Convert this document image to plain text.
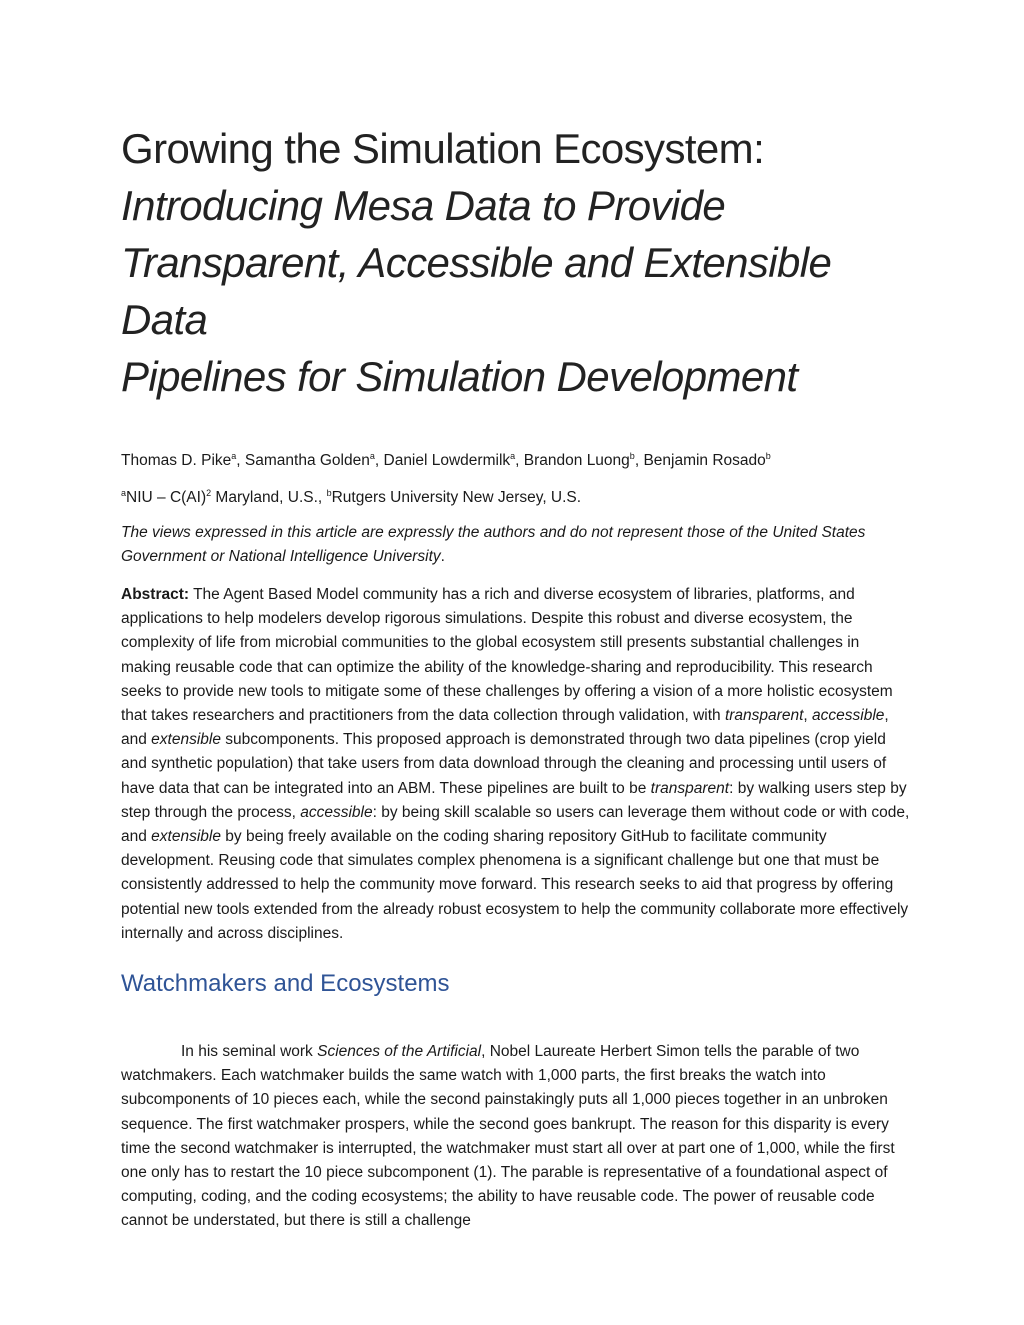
Growing the Simulation Ecosystem:
Introducing Mesa Data to Provide
Transparent, Accessible and Extensible Data
Pipelines for Simulation Development
Thomas D. Pike$^a$, Samantha Golden$^a$, Daniel Lowdermilk$^a$, Brandon Luong$^b$, Benjamin Rosado$^b$
$^a$NIU – C(AI)$^2$ Maryland, U.S., $^b$Rutgers University New Jersey, U.S.
The views expressed in this article are expressly the authors and do not represent those of the United States Government or National Intelligence University.
Abstract: The Agent Based Model community has a rich and diverse ecosystem of libraries, platforms, and applications to help modelers develop rigorous simulations. Despite this robust and diverse ecosystem, the complexity of life from microbial communities to the global ecosystem still presents substantial challenges in making reusable code that can optimize the ability of the knowledge-sharing and reproducibility. This research seeks to provide new tools to mitigate some of these challenges by offering a vision of a more holistic ecosystem that takes researchers and practitioners from the data collection through validation, with transparent, accessible, and extensible subcomponents. This proposed approach is demonstrated through two data pipelines (crop yield and synthetic population) that take users from data download through the cleaning and processing until users of have data that can be integrated into an ABM. These pipelines are built to be transparent: by walking users step by step through the process, accessible: by being skill scalable so users can leverage them without code or with code, and extensible by being freely available on the coding sharing repository GitHub to facilitate community development. Reusing code that simulates complex phenomena is a significant challenge but one that must be consistently addressed to help the community move forward. This research seeks to aid that progress by offering potential new tools extended from the already robust ecosystem to help the community collaborate more effectively internally and across disciplines.
Watchmakers and Ecosystems

In his seminal work Sciences of the Artificial, Nobel Laureate Herbert Simon tells the parable of two watchmakers. Each watchmaker builds the same watch with 1,000 parts, the first breaks the watch into subcomponents of 10 pieces each, while the second painstakingly puts all 1,000 pieces together in an unbroken sequence. The first watchmaker prospers, while the second goes bankrupt. The reason for this disparity is every time the second watchmaker is interrupted, the watchmaker must start all over at part one of 1,000, while the first one only has to restart the 10 piece subcomponent (1). The parable is representative of a foundational aspect of computing, coding, and the coding ecosystems; the ability to have reusable code. The power of reusable code cannot be understated, but there is still a challenge
